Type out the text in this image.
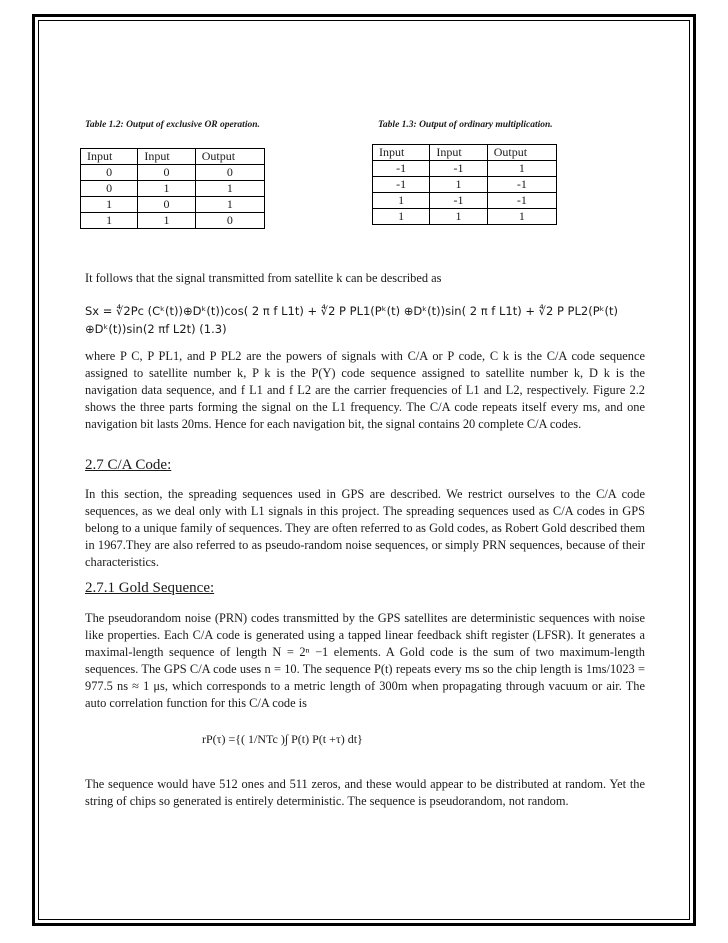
Table 1.2: Output of exclusive OR operation.	Table 1.3: Output of ordinary multiplication.
Input	Input	Output
0	0	0
0	1	1
1	0	1
1	1	0
Input	Input	Output
-1	-1	1
-1	1	-1
1	-1	-1
1	1	1
It follows that the signal transmitted from satellite k can be described as
Sx = ∜2Pc (Cᵏ(t))⊕Dᵏ(t))cos( 2 π f L1t) + ∜2 P PL1(Pᵏ(t) ⊕Dᵏ(t))sin( 2 π f L1t) + ∜2 P PL2(Pᵏ(t)
⊕Dᵏ(t))sin(2 πf L2t) (1.3)
where P C, P PL1, and P PL2 are the powers of signals with C/A or P code, C k is the C/A code sequence assigned to satellite number k, P k is the P(Y) code sequence assigned to satellite number k, D k is the navigation data sequence, and f L1 and f L2 are the carrier frequencies of L1 and L2, respectively. Figure 2.2 shows the three parts forming the signal on the L1 frequency. The C/A code repeats itself every ms, and one navigation bit lasts 20ms. Hence for each navigation bit, the signal contains 20 complete C/A codes.
2.7 C/A Code:
In this section, the spreading sequences used in GPS are described. We restrict ourselves to the C/A code sequences, as we deal only with L1 signals in this project. The spreading sequences used as C/A codes in GPS belong to a unique family of sequences. They are often referred to as Gold codes, as Robert Gold described them in 1967.They are also referred to as pseudo-random noise sequences, or simply PRN sequences, because of their characteristics.
2.7.1 Gold Sequence:
The pseudorandom noise (PRN) codes transmitted by the GPS satellites are deterministic sequences with noise like properties. Each C/A code is generated using a tapped linear feedback shift register (LFSR). It generates a maximal-length sequence of length N = 2ⁿ −1 elements. A Gold code is the sum of two maximum-length sequences. The GPS C/A code uses n = 10. The sequence P(t) repeats every ms so the chip length is 1ms/1023 = 977.5 ns ≈ 1 μs, which corresponds to a metric length of 300m when propagating through vacuum or air. The auto correlation function for this C/A code is
rP(τ) ={( 1/NTc )∫ P(t) P(t +τ) dt}
The sequence would have 512 ones and 511 zeros, and these would appear to be distributed at random. Yet the string of chips so generated is entirely deterministic. The sequence is pseudorandom, not random.
